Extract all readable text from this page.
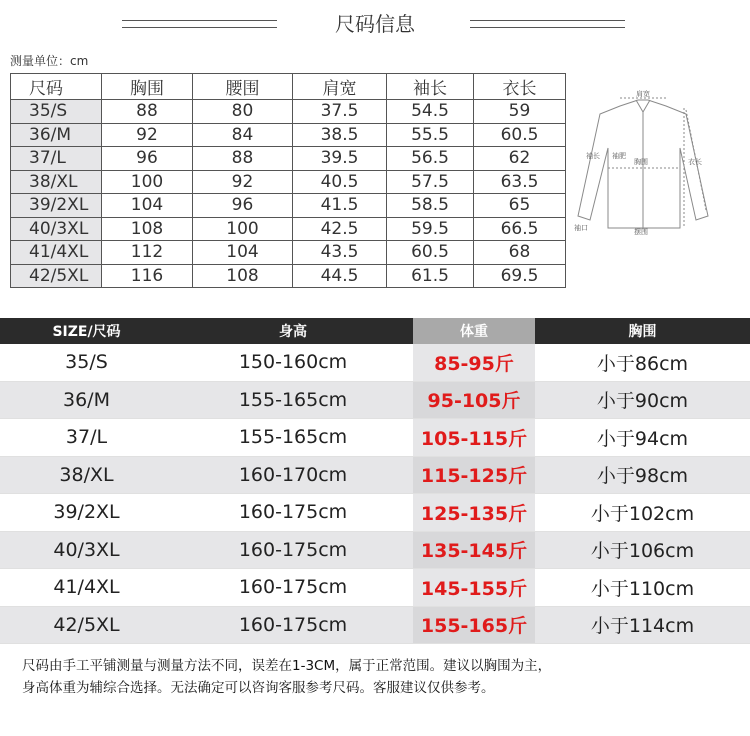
尺码信息
测量单位：cm
尺码	胸围	腰围	肩宽	袖长	衣长
35/S	88	80	37.5	54.5	59
36/M	92	84	38.5	55.5	60.5
37/L	96	88	39.5	56.5	62
38/XL	100	92	40.5	57.5	63.5
39/2XL	104	96	41.5	58.5	65
40/3XL	108	100	42.5	59.5	66.5
41/4XL	112	104	43.5	60.5	68
42/5XL	116	108	44.5	61.5	69.5
肩宽
袖长 袖肥
胸围	衣长
袖口	摆围
SIZE/尺码	身高	体重	胸围
35/S	150-160cm	85-95斤	小于86cm
36/M	155-165cm	95-105斤	小于90cm
37/L	155-165cm	105-115斤	小于94cm
38/XL	160-170cm	115-125斤	小于98cm
39/2XL	160-175cm	125-135斤	小于102cm
40/3XL	160-175cm	135-145斤	小于106cm
41/4XL	160-175cm	145-155斤	小于110cm
42/5XL	160-175cm	155-165斤	小于114cm
尺码由手工平铺测量与测量方法不同，误差在1-3CM，属于正常范围。建议以胸围为主，
身高体重为辅综合选择。无法确定可以咨询客服参考尺码。客服建议仅供参考。
